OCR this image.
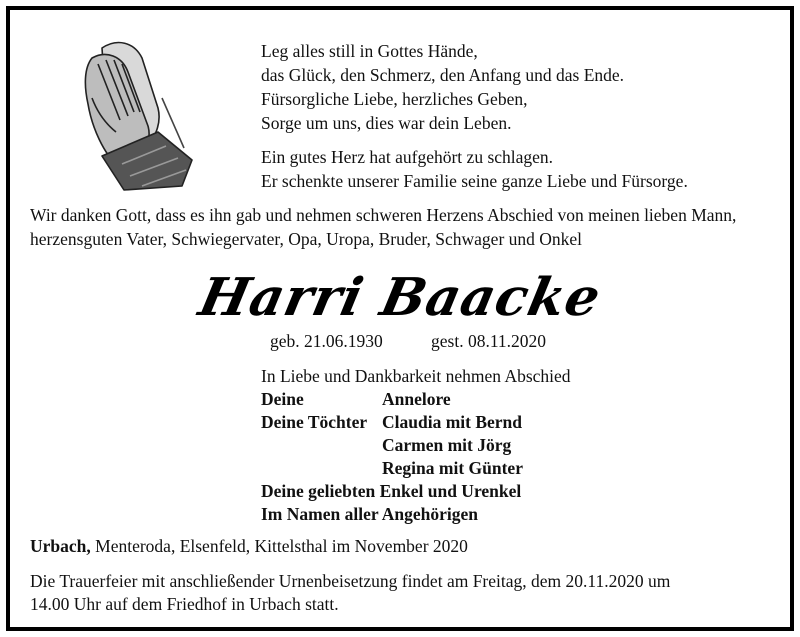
Leg alles still in Gottes Hände,
das Glück, den Schmerz, den Anfang und das Ende.
Fürsorgliche Liebe, herzliches Geben,
Sorge um uns, dies war dein Leben.
Ein gutes Herz hat aufgehört zu schlagen.
Er schenkte unserer Familie seine ganze Liebe und Fürsorge.
Wir danken Gott, dass es ihn gab und nehmen schweren Herzens Abschied von meinen lieben Mann,
herzensguten Vater, Schwiegervater, Opa, Uropa, Bruder, Schwager und Onkel
Harri Baacke
geb. 21.06.1930	gest. 08.11.2020
In Liebe und Dankbarkeit nehmen Abschied
Deine	Annelore
Deine Töchter Claudia mit Bernd
Carmen mit Jörg
Regina mit Günter
Deine geliebten Enkel und Urenkel
Im Namen aller Angehörigen
Urbach, Menteroda, Elsenfeld, Kittelsthal im November 2020
Die Trauerfeier mit anschließender Urnenbeisetzung findet am Freitag, dem 20.11.2020 um
14.00 Uhr auf dem Friedhof in Urbach statt.
